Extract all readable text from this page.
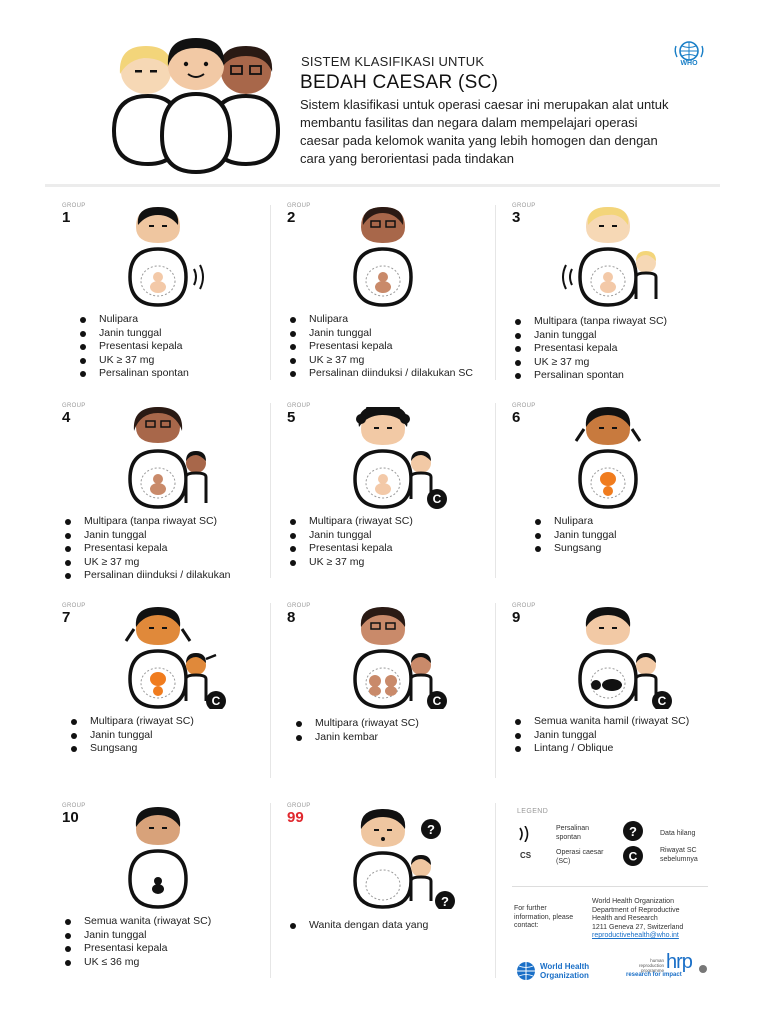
SISTEM KLASIFIKASI UNTUK
BEDAH CAESAR (SC)
Sistem klasifikasi untuk operasi caesar ini merupakan alat untuk membantu fasilitas dan negara dalam mempelajari operasi caesar pada kelomok wanita yang lebih homogen dan dengan cara yang berorientasi pada tindakan
WHO
GROUP
1
Nulipara
Janin tunggal
Presentasi kepala
UK ≥ 37 mg
Persalinan spontan
GROUP
2
Nulipara
Janin tunggal
Presentasi kepala
UK ≥ 37 mg
Persalinan diinduksi / dilakukan SC
GROUP
3
Multipara (tanpa riwayat SC)
Janin tunggal
Presentasi kepala
UK ≥ 37 mg
Persalinan spontan
GROUP
4
Multipara (tanpa riwayat SC)
Janin tunggal
Presentasi kepala
UK ≥ 37 mg
Persalinan diinduksi / dilakukan
GROUP
5
C
Multipara (riwayat SC)
Janin tunggal
Presentasi kepala
UK ≥ 37 mg
GROUP
6
Nulipara
Janin tunggal
Sungsang
GROUP
7
C
Multipara (riwayat SC)
Janin tunggal
Sungsang
GROUP
8
C
Multipara (riwayat SC)
Janin kembar
GROUP
9
C
Semua wanita hamil (riwayat SC)
Janin tunggal
Lintang / Oblique
GROUP
10
Semua wanita (riwayat SC)
Janin tunggal
Presentasi kepala
UK ≤ 36 mg
GROUP
99
?
?
Wanita dengan data yang
LEGEND
Persalinan spontan
CS	Operasi caesar (SC)
?	Data hilang
C	Riwayat SC sebelumnya
For further information, please contact:
World Health Organization
Department of Reproductive
Health and Research
1211 Geneva 27, Switzerland
reproductivehealth@who.int
World Health
Organization
human reproduction programme hrp
research for impact
